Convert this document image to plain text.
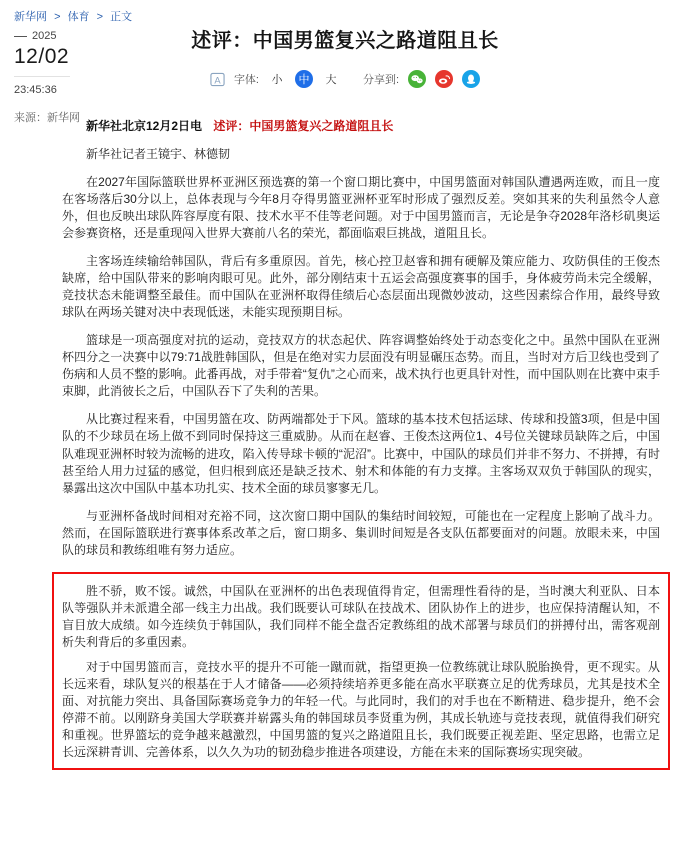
新华网 > 体育 > 正文
2025
12/02
23:45:36
来源：新华网
述评：中国男篮复兴之路道阻且长
A 字体:	小	中	大	分享到:

新华社北京12月2日电 述评：中国男篮复兴之路道阻且长

新华社记者王镜宇、林德韧

在2027年国际篮联世界杯亚洲区预选赛的第一个窗口期比赛中，中国男篮面对韩国队遭遇两连败，而且一度在客场落后30分以上，总体表现与今年8月夺得男篮亚洲杯亚军时形成了强烈反差。突如其来的失利虽然令人意外，但也反映出球队阵容厚度有限、技术水平不佳等老问题。对于中国男篮而言，无论是争夺2028年洛杉矶奥运会参赛资格，还是重现闯入世界大赛前八名的荣光，都面临艰巨挑战，道阻且长。

主客场连续输给韩国队，背后有多重原因。首先，核心控卫赵睿和拥有硬解及策应能力、攻防俱佳的王俊杰缺席，给中国队带来的影响肉眼可见。此外，部分刚结束十五运会高强度赛事的国手，身体疲劳尚未完全缓解，竞技状态未能调整至最佳。而中国队在亚洲杯取得佳绩后心态层面出现微妙波动，这些因素综合作用，最终导致球队在两场关键对决中表现低迷，未能实现预期目标。

篮球是一项高强度对抗的运动，竞技双方的状态起伏、阵容调整始终处于动态变化之中。虽然中国队在亚洲杯四分之一决赛中以79:71战胜韩国队，但是在绝对实力层面没有明显碾压态势。而且，当时对方后卫线也受到了伤病和人员不整的影响。此番再战，对手带着“复仇”之心而来，战术执行也更具针对性，而中国队则在比赛中束手束脚，此消彼长之后，中国队吞下了失利的苦果。

从比赛过程来看，中国男篮在攻、防两端都处于下风。篮球的基本技术包括运球、传球和投篮3项，但是中国队的不少球员在场上做不到同时保持这三重威胁。从而在赵睿、王俊杰这两位1、4号位关键球员缺阵之后，中国队难现亚洲杯时较为流畅的进攻，陷入传导球卡顿的“泥沼”。比赛中，中国队的球员们并非不努力、不拼搏，有时甚至给人用力过猛的感觉，但归根到底还是缺乏技术、射术和体能的有力支撑。主客场双双负于韩国队的现实，暴露出这次中国队中基本功扎实、技术全面的球员寥寥无几。

与亚洲杯备战时间相对充裕不同，这次窗口期中国队的集结时间较短，可能也在一定程度上影响了战斗力。然而，在国际篮联进行赛事体系改革之后，窗口期多、集训时间短是各支队伍都要面对的问题。放眼未来，中国队的球员和教练组唯有努力适应。

胜不骄，败不馁。诚然，中国队在亚洲杯的出色表现值得肯定，但需理性看待的是，当时澳大利亚队、日本队等强队并未派遣全部一线主力出战。我们既要认可球队在技战术、团队协作上的进步，也应保持清醒认知，不盲目放大成绩。如今连续负于韩国队，我们同样不能全盘否定教练组的战术部署与球员们的拼搏付出，需客观剖析失利背后的多重因素。

对于中国男篮而言，竞技水平的提升不可能一蹴而就，指望更换一位教练就让球队脱胎换骨，更不现实。从长远来看，球队复兴的根基在于人才储备——必须持续培养更多能在高水平联赛立足的优秀球员，尤其是技术全面、对抗能力突出、具备国际赛场竞争力的年轻一代。与此同时，我们的对手也在不断精进、稳步提升，绝不会停滞不前。以刚跻身美国大学联赛并崭露头角的韩国球员李贤重为例，其成长轨迹与竞技表现，就值得我们研究和重视。世界篮坛的竞争越来越激烈，中国男篮的复兴之路道阻且长，我们既要正视差距、坚定思路，也需立足长远深耕青训、完善体系，以久久为功的韧劲稳步推进各项建设，方能在未来的国际赛场实现突破。
